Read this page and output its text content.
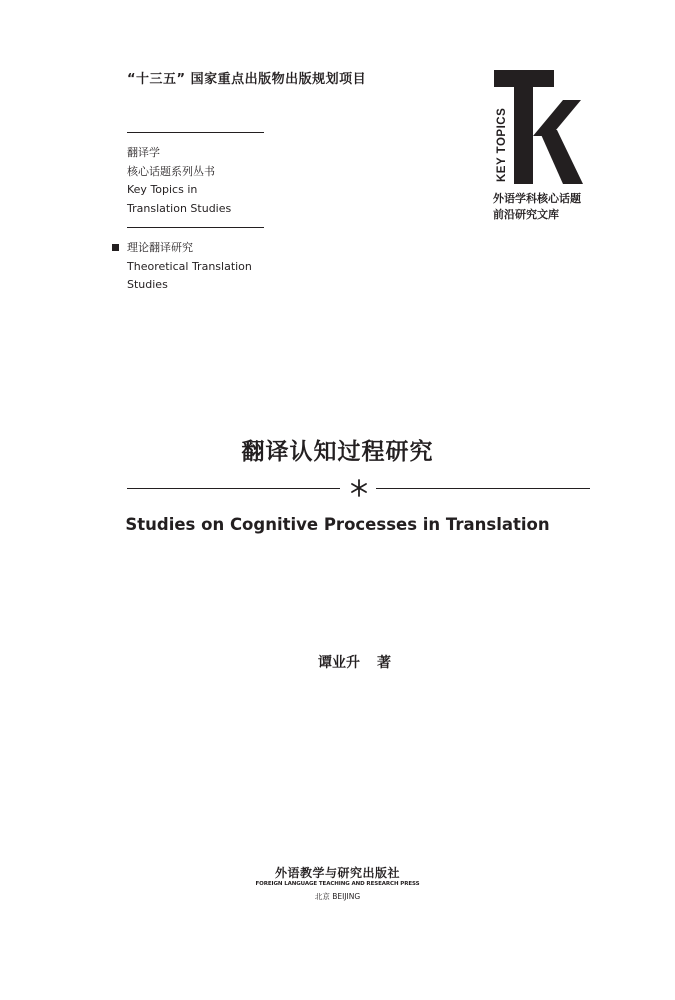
“十三五” 国家重点出版物出版规划项目
翻译学
核心话题系列丛书
Key Topics in
Translation Studies
理论翻译研究
Theoretical Translation
Studies
KEY TOPICS
外语学科核心话题
前沿研究文库
翻译认知过程研究
Studies on Cognitive Processes in Translation
谭业升 著
外语教学与研究出版社
FOREIGN LANGUAGE TEACHING AND RESEARCH PRESS
北京 BEIJING
